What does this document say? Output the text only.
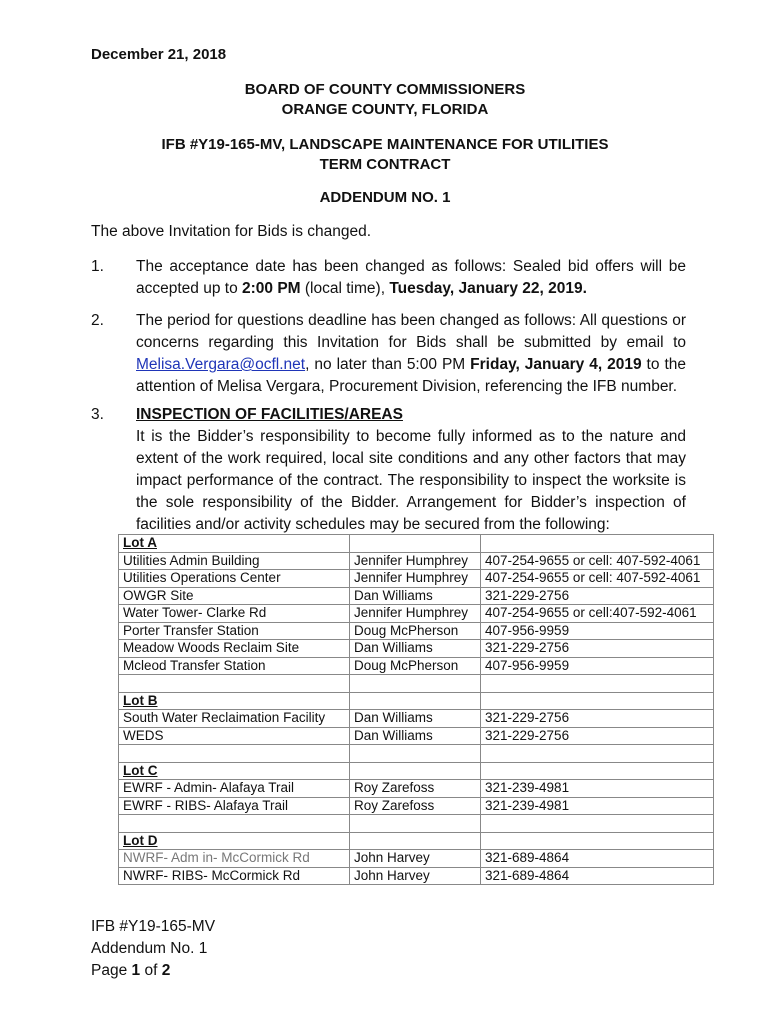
December 21, 2018
BOARD OF COUNTY COMMISSIONERS
ORANGE COUNTY, FLORIDA
IFB #Y19-165-MV, LANDSCAPE MAINTENANCE FOR UTILITIES
TERM CONTRACT
ADDENDUM NO. 1
The above Invitation for Bids is changed.
1.	The acceptance date has been changed as follows: Sealed bid offers will be accepted up to 2:00 PM (local time), Tuesday, January 22, 2019.
2.	The period for questions deadline has been changed as follows: All questions or concerns regarding this Invitation for Bids shall be submitted by email to Melisa.Vergara@ocfl.net, no later than 5:00 PM Friday, January 4, 2019 to the attention of Melisa Vergara, Procurement Division, referencing the IFB number.
3.	INSPECTION OF FACILITIES/AREAS
It is the Bidder’s responsibility to become fully informed as to the nature and extent of the work required, local site conditions and any other factors that may impact performance of the contract. The responsibility to inspect the worksite is the sole responsibility of the Bidder. Arrangement for Bidder’s inspection of facilities and/or activity schedules may be secured from the following:
Lot A		
Utilities Admin Building	Jennifer Humphrey	407-254-9655 or cell: 407-592-4061
Utilities Operations Center	Jennifer Humphrey	407-254-9655 or cell: 407-592-4061
OWGR Site	Dan Williams	321-229-2756
Water Tower- Clarke Rd	Jennifer Humphrey	407-254-9655 or cell:407-592-4061
Porter Transfer Station	Doug McPherson	407-956-9959
Meadow Woods Reclaim Site	Dan Williams	321-229-2756
Mcleod Transfer Station	Doug McPherson	407-956-9959

Lot B		
South Water Reclaimation Facility	Dan Williams	321-229-2756
WEDS	Dan Williams	321-229-2756

Lot C		
EWRF - Admin- Alafaya Trail	Roy Zarefoss	321-239-4981
EWRF - RIBS- Alafaya Trail	Roy Zarefoss	321-239-4981

Lot D		
NWRF- Adm in- McCormick Rd	John Harvey	321-689-4864
NWRF- RIBS- McCormick Rd	John Harvey	321-689-4864
IFB #Y19-165-MV
Addendum No. 1
Page 1 of 2
